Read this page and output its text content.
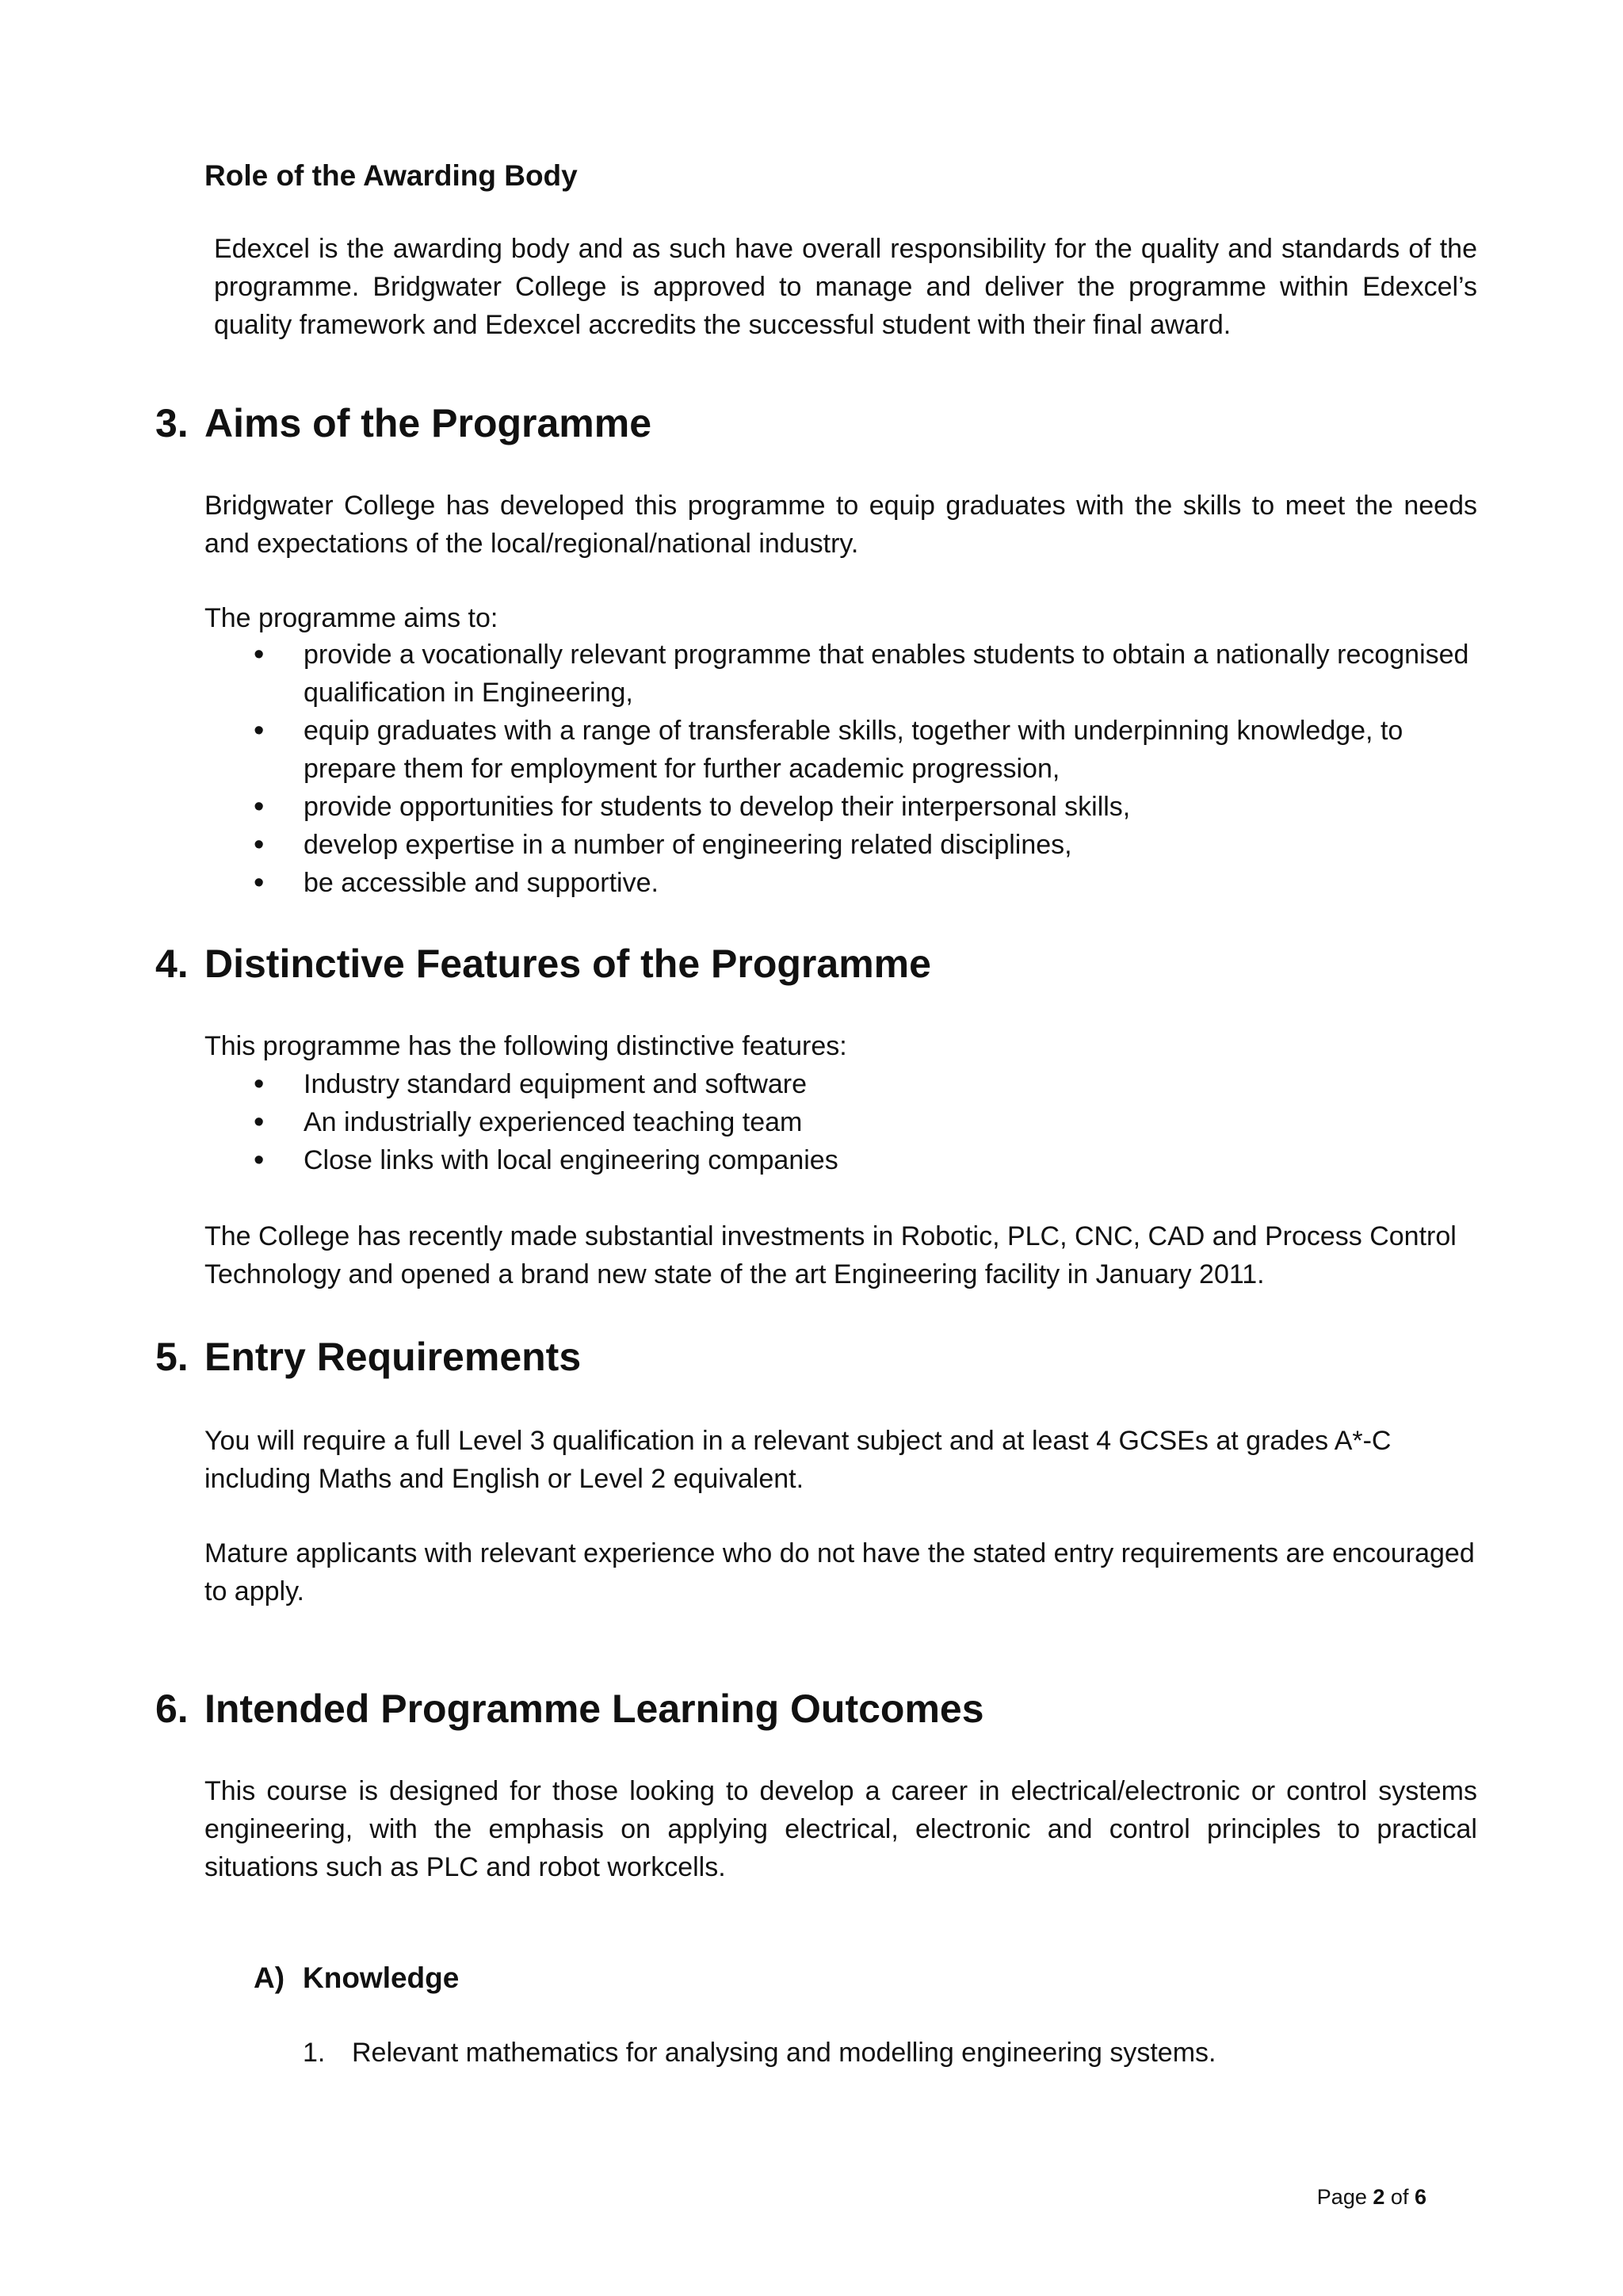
Role of the Awarding Body

Edexcel is the awarding body and as such have overall responsibility for the quality and standards of the programme. Bridgwater College is approved to manage and deliver the programme within Edexcel’s quality framework and Edexcel accredits the successful student with their final award.

3. Aims of the Programme

Bridgwater College has developed this programme to equip graduates with the skills to meet the needs and expectations of the local/regional/national industry.

The programme aims to:

• provide a vocationally relevant programme that enables students to obtain a nationally recognised qualification in Engineering,
• equip graduates with a range of transferable skills, together with underpinning knowledge, to prepare them for employment for further academic progression,
• provide opportunities for students to develop their interpersonal skills,
• develop expertise in a number of engineering related disciplines,
• be accessible and supportive.
4. Distinctive Features of the Programme

This programme has the following distinctive features:

• Industry standard equipment and software
• An industrially experienced teaching team
• Close links with local engineering companies

The College has recently made substantial investments in Robotic, PLC, CNC, CAD and Process Control Technology and opened a brand new state of the art Engineering facility in January 2011.

5. Entry Requirements

You will require a full Level 3 qualification in a relevant subject and at least 4 GCSEs at grades A*-C including Maths and English or Level 2 equivalent.

Mature applicants with relevant experience who do not have the stated entry requirements are encouraged to apply.

6. Intended Programme Learning Outcomes

This course is designed for those looking to develop a career in electrical/electronic or control systems engineering, with the emphasis on applying electrical, electronic and control principles to practical situations such as PLC and robot workcells.

A) Knowledge
1. Relevant mathematics for analysing and modelling engineering systems.
Page 2 of 6
